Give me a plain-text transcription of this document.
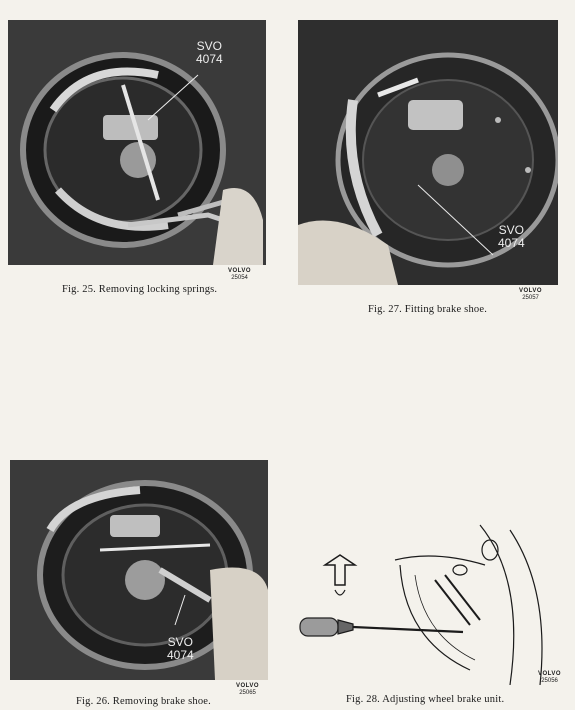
SVO
4074
VOLVO
25054
Fig. 25. Removing locking springs.
SVO
4074
VOLVO
25057
Fig. 27. Fitting brake shoe.
SVO
4074
VOLVO
25065
Fig. 26. Removing brake shoe.
VOLVO
25056
Fig. 28. Adjusting wheel brake unit.
